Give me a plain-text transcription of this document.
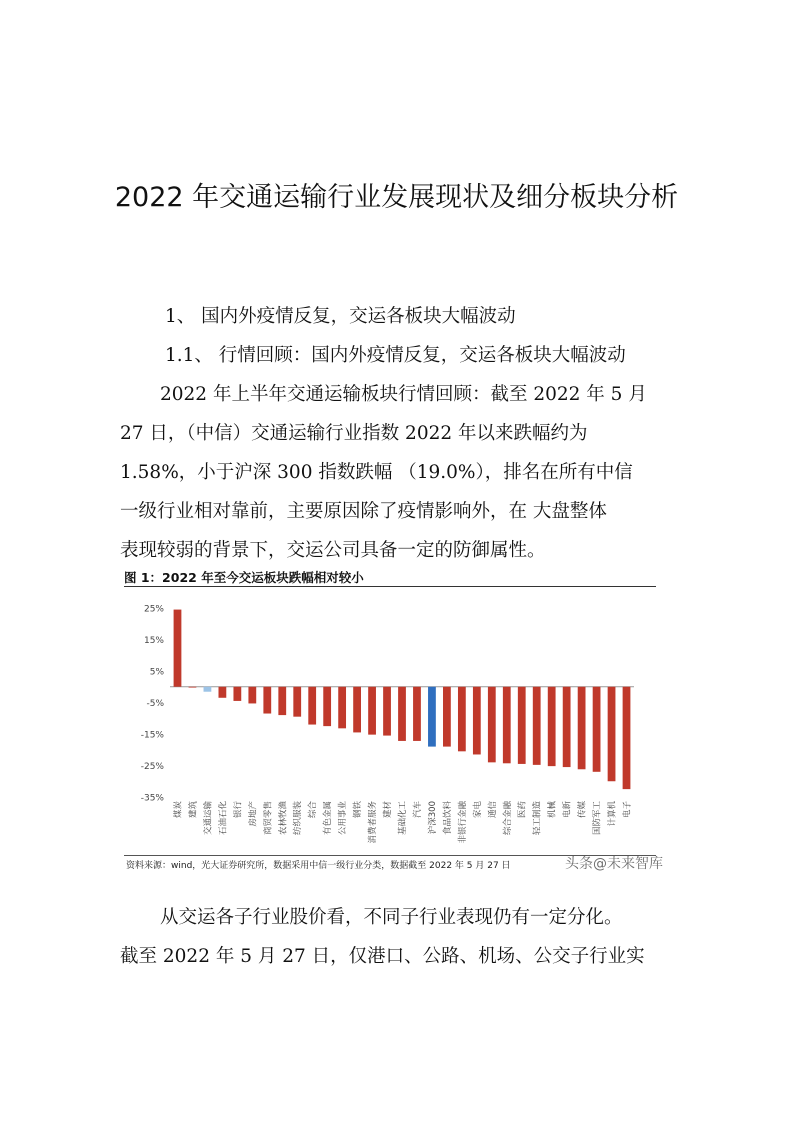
2022 年交通运输行业发展现状及细分板块分析
1、 国内外疫情反复，交运各板块大幅波动
1.1、 行情回顾：国内外疫情反复，交运各板块大幅波动
2022 年上半年交通运输板块行情回顾：截至 2022 年 5 月
27 日，（中信）交通运输行业指数 2022 年以来跌幅约为
1.58%，小于沪深 300 指数跌幅 （19.0%），排名在所有中信
一级行业相对靠前，主要原因除了疫情影响外，在 大盘整体
表现较弱的背景下，交运公司具备一定的防御属性。
图 1：2022 年至今交运板块跌幅相对较小
25%
15%
5%
-5%
-15%
-25%
-35%
煤炭 建筑 交通运输 石油石化 银行 房地产 商贸零售 农林牧渔 纺织服装 综合 有色金属 公用事业 钢铁 消费者服务 建材 基础化工 汽车 沪深300 食品饮料 非银行金融 家电 通信 综合金融 医药 轻工制造 机械 电新 传媒 国防军工 计算机 电子
资料来源：wind，光大证券研究所，数据采用中信一级行业分类，数据截至 2022 年 5 月 27 日	头条@未来智库
从交运各子行业股价看，不同子行业表现仍有一定分化。
截至 2022 年 5 月 27 日，仅港口、公路、机场、公交子行业实
